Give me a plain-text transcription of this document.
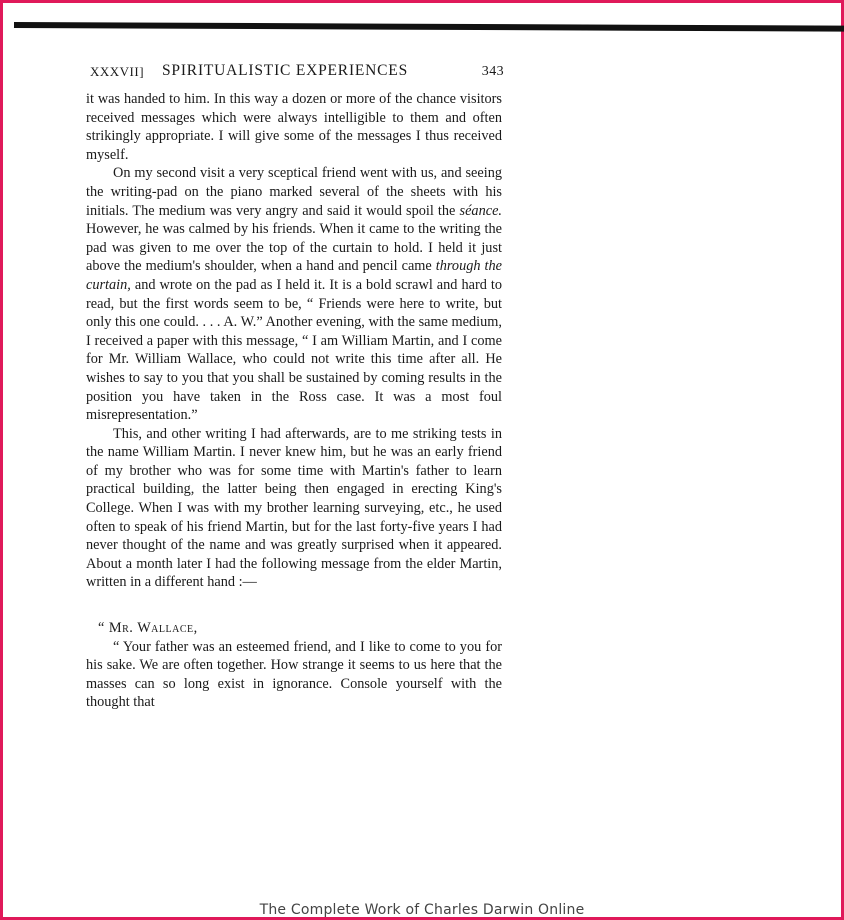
XXXVII] SPIRITUALISTIC EXPERIENCES	343

it was handed to him. In this way a dozen or more of the chance visitors received messages which were always intelligible to them and often strikingly appropriate. I will give some of the messages I thus received myself.

On my second visit a very sceptical friend went with us, and seeing the writing-pad on the piano marked several of the sheets with his initials. The medium was very angry and said it would spoil the séance. However, he was calmed by his friends. When it came to the writing the pad was given to me over the top of the curtain to hold. I held it just above the medium's shoulder, when a hand and pencil came through the curtain, and wrote on the pad as I held it. It is a bold scrawl and hard to read, but the first words seem to be, “ Friends were here to write, but only this one could. . . . A. W.” Another evening, with the same medium, I received a paper with this message, “ I am William Martin, and I come for Mr. William Wallace, who could not write this time after all. He wishes to say to you that you shall be sustained by coming results in the position you have taken in the Ross case. It was a most foul misrepresentation.”

This, and other writing I had afterwards, are to me striking tests in the name William Martin. I never knew him, but he was an early friend of my brother who was for some time with Martin's father to learn practical building, the latter being then engaged in erecting King's College. When I was with my brother learning surveying, etc., he used often to speak of his friend Martin, but for the last forty-five years I had never thought of the name and was greatly surprised when it appeared. About a month later I had the following message from the elder Martin, written in a different hand :—

“ Mr. Wallace,

“ Your father was an esteemed friend, and I like to come to you for his sake. We are often together. How strange it seems to us here that the masses can so long exist in ignorance. Console yourself with the thought that

The Complete Work of Charles Darwin Online
